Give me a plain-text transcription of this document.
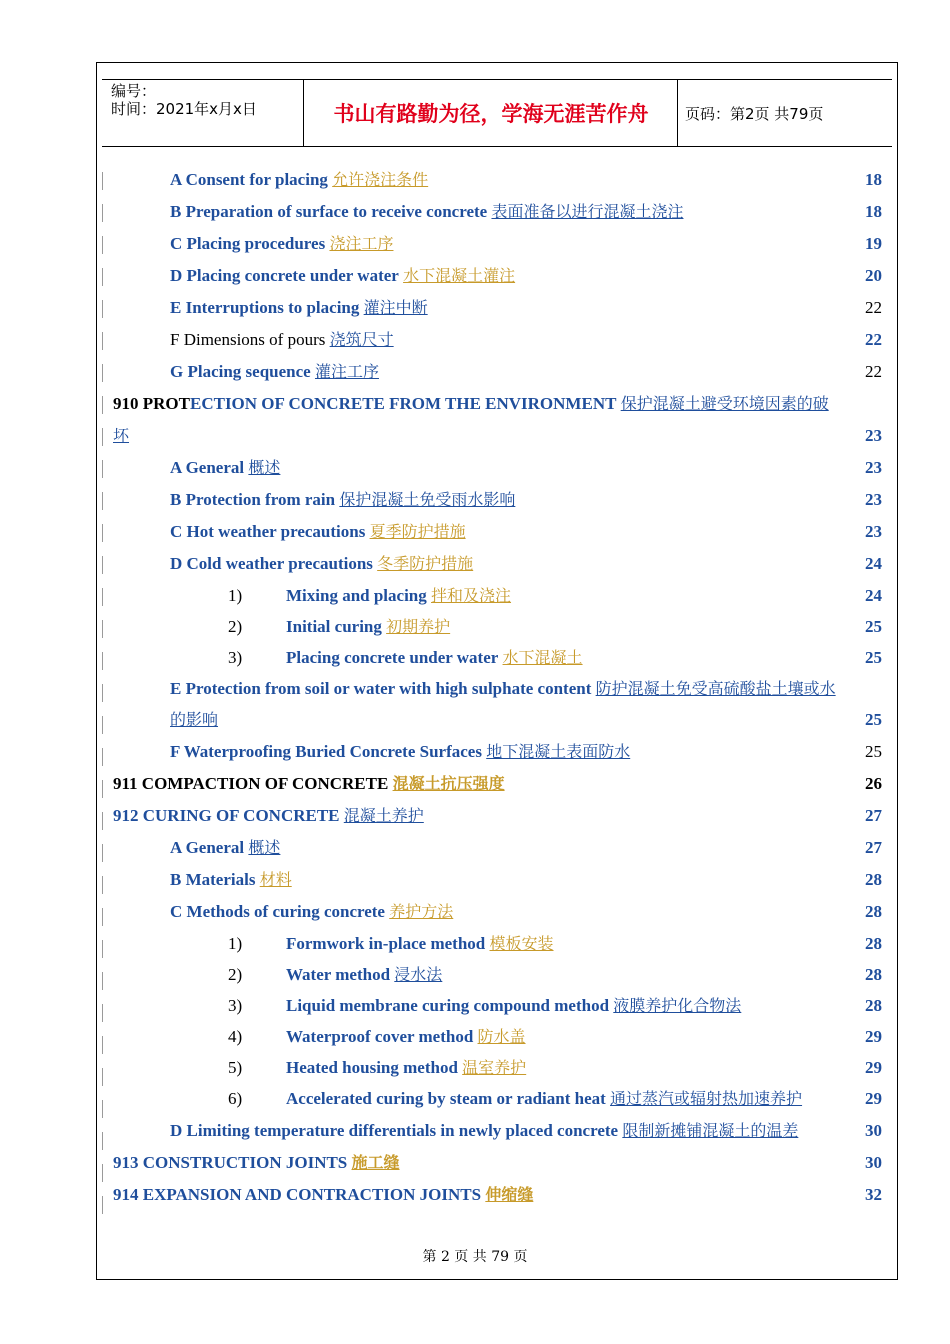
编号：
时间：2021年x月x日	书山有路勤为径，学海无涯苦作舟	页码：第2页 共79页
A Consent for placing 允许浇注条件	18
B Preparation of surface to receive concrete 表面准备以进行混凝土浇注	18
C Placing procedures 浇注工序	19
D Placing concrete under water 水下混凝土灌注	20
E Interruptions to placing 灌注中断	22
F Dimensions of pours 浇筑尺寸	22
G Placing sequence 灌注工序	22
910 PROTECTION OF CONCRETE FROM THE ENVIRONMENT 保护混凝土避受环境因素的破
坏	23
A General 概述	23
B Protection from rain 保护混凝土免受雨水影响	23
C Hot weather precautions 夏季防护措施	23
D Cold weather precautions 冬季防护措施	24
1)	Mixing and placing 拌和及浇注	24
2)	Initial curing 初期养护	25
3)	Placing concrete under water 水下混凝土	25
E Protection from soil or water with high sulphate content 防护混凝土免受高硫酸盐土壤或水
的影响	25
F Waterproofing Buried Concrete Surfaces 地下混凝土表面防水	25
911 COMPACTION OF CONCRETE 混凝土抗压强度	26
912 CURING OF CONCRETE 混凝土养护	27
A General 概述	27
B Materials 材料	28
C Methods of curing concrete 养护方法	28
1)	Formwork in-place method 模板安装	28
2)	Water method 浸水法	28
3)	Liquid membrane curing compound method 液膜养护化合物法	28
4)	Waterproof cover method 防水盖	29
5)	Heated housing method 温室养护	29
6)	Accelerated curing by steam or radiant heat 通过蒸汽或辐射热加速养护	29
D Limiting temperature differentials in newly placed concrete 限制新摊铺混凝土的温差	30
913 CONSTRUCTION JOINTS 施工缝	30
914 EXPANSION AND CONTRACTION JOINTS 伸缩缝	32
第 2 页 共 79 页
